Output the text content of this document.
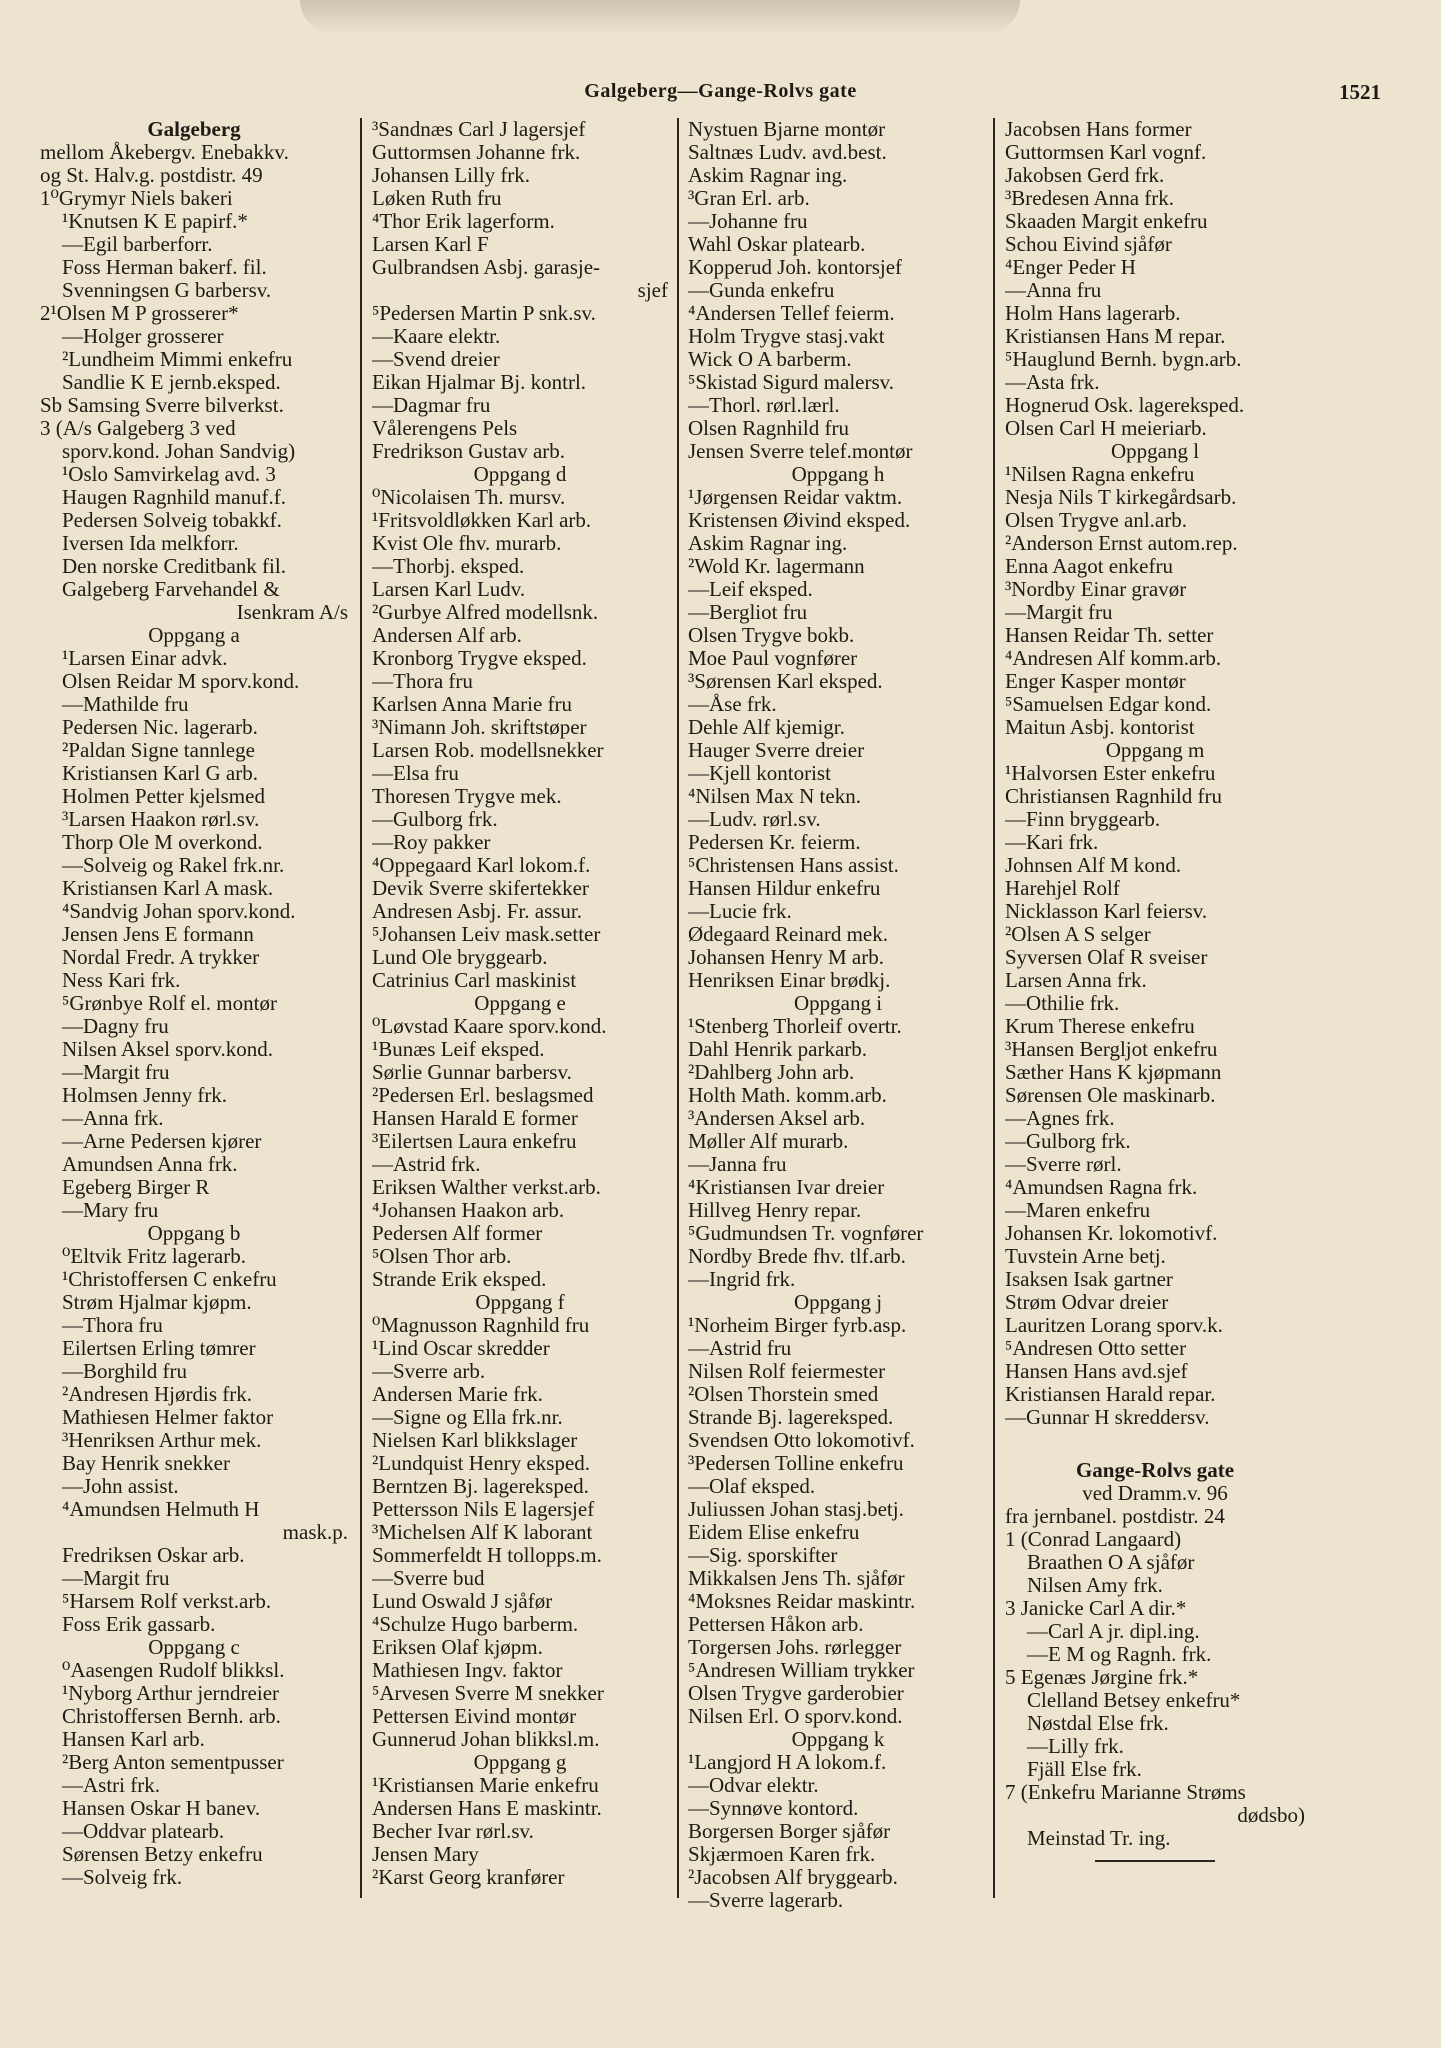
Galgeberg—Gange-Rolvs gate	1521
Galgeberg
mellom Åkebergv. Enebakkv.
og St. Halv.g. postdistr. 49
1⁰Grymyr Niels bakeri
¹Knutsen K E papirf.*
—Egil barberforr.
Foss Herman bakerf. fil.
Svenningsen G barbersv.
2¹Olsen M P grosserer*
—Holger grosserer
²Lundheim Mimmi enkefru
Sandlie K E jernb.eksped.
Sb Samsing Sverre bilverkst.
3 (A/s Galgeberg 3 ved
sporv.kond. Johan Sandvig)
¹Oslo Samvirkelag avd. 3
Haugen Ragnhild manuf.f.
Pedersen Solveig tobakkf.
Iversen Ida melkforr.
Den norske Creditbank fil.
Galgeberg Farvehandel &
Isenkram A/s
Oppgang a
¹Larsen Einar advk.
Olsen Reidar M sporv.kond.
—Mathilde fru
Pedersen Nic. lagerarb.
²Paldan Signe tannlege
Kristiansen Karl G arb.
Holmen Petter kjelsmed
³Larsen Haakon rørl.sv.
Thorp Ole M overkond.
—Solveig og Rakel frk.nr.
Kristiansen Karl A mask.
⁴Sandvig Johan sporv.kond.
Jensen Jens E formann
Nordal Fredr. A trykker
Ness Kari frk.
⁵Grønbye Rolf el. montør
—Dagny fru
Nilsen Aksel sporv.kond.
—Margit fru
Holmsen Jenny frk.
—Anna frk.
—Arne Pedersen kjører
Amundsen Anna frk.
Egeberg Birger R
—Mary fru
Oppgang b
⁰Eltvik Fritz lagerarb.
¹Christoffersen C enkefru
Strøm Hjalmar kjøpm.
—Thora fru
Eilertsen Erling tømrer
—Borghild fru
²Andresen Hjørdis frk.
Mathiesen Helmer faktor
³Henriksen Arthur mek.
Bay Henrik snekker
—John assist.
⁴Amundsen Helmuth H
mask.p.
Fredriksen Oskar arb.
—Margit fru
⁵Harsem Rolf verkst.arb.
Foss Erik gassarb.
Oppgang c
⁰Aasengen Rudolf blikksl.
¹Nyborg Arthur jerndreier
Christoffersen Bernh. arb.
Hansen Karl arb.
²Berg Anton sementpusser
—Astri frk.
Hansen Oskar H banev.
—Oddvar platearb.
Sørensen Betzy enkefru
—Solveig frk.
³Sandnæs Carl J lagersjef
Guttormsen Johanne frk.
Johansen Lilly frk.
Løken Ruth fru
⁴Thor Erik lagerform.
Larsen Karl F
Gulbrandsen Asbj. garasje-
sjef
⁵Pedersen Martin P snk.sv.
—Kaare elektr.
—Svend dreier
Eikan Hjalmar Bj. kontrl.
—Dagmar fru
Vålerengens Pels
Fredrikson Gustav arb.
Oppgang d
⁰Nicolaisen Th. mursv.
¹Fritsvoldløkken Karl arb.
Kvist Ole fhv. murarb.
—Thorbj. eksped.
Larsen Karl Ludv.
²Gurbye Alfred modellsnk.
Andersen Alf arb.
Kronborg Trygve eksped.
—Thora fru
Karlsen Anna Marie fru
³Nimann Joh. skriftstøper
Larsen Rob. modellsnekker
—Elsa fru
Thoresen Trygve mek.
—Gulborg frk.
—Roy pakker
⁴Oppegaard Karl lokom.f.
Devik Sverre skifertekker
Andresen Asbj. Fr. assur.
⁵Johansen Leiv mask.setter
Lund Ole bryggearb.
Catrinius Carl maskinist
Oppgang e
⁰Løvstad Kaare sporv.kond.
¹Bunæs Leif eksped.
Sørlie Gunnar barbersv.
²Pedersen Erl. beslagsmed
Hansen Harald E former
³Eilertsen Laura enkefru
—Astrid frk.
Eriksen Walther verkst.arb.
⁴Johansen Haakon arb.
Pedersen Alf former
⁵Olsen Thor arb.
Strande Erik eksped.
Oppgang f
⁰Magnusson Ragnhild fru
¹Lind Oscar skredder
—Sverre arb.
Andersen Marie frk.
—Signe og Ella frk.nr.
Nielsen Karl blikkslager
²Lundquist Henry eksped.
Berntzen Bj. lagereksped.
Pettersson Nils E lagersjef
³Michelsen Alf K laborant
Sommerfeldt H tollopps.m.
—Sverre bud
Lund Oswald J sjåfør
⁴Schulze Hugo barberm.
Eriksen Olaf kjøpm.
Mathiesen Ingv. faktor
⁵Arvesen Sverre M snekker
Pettersen Eivind montør
Gunnerud Johan blikksl.m.
Oppgang g
¹Kristiansen Marie enkefru
Andersen Hans E maskintr.
Becher Ivar rørl.sv.
Jensen Mary
²Karst Georg kranfører
Nystuen Bjarne montør
Saltnæs Ludv. avd.best.
Askim Ragnar ing.
³Gran Erl. arb.
—Johanne fru
Wahl Oskar platearb.
Kopperud Joh. kontorsjef
—Gunda enkefru
⁴Andersen Tellef feierm.
Holm Trygve stasj.vakt
Wick O A barberm.
⁵Skistad Sigurd malersv.
—Thorl. rørl.lærl.
Olsen Ragnhild fru
Jensen Sverre telef.montør
Oppgang h
¹Jørgensen Reidar vaktm.
Kristensen Øivind eksped.
Askim Ragnar ing.
²Wold Kr. lagermann
—Leif eksped.
—Bergliot fru
Olsen Trygve bokb.
Moe Paul vognfører
³Sørensen Karl eksped.
—Åse frk.
Dehle Alf kjemigr.
Hauger Sverre dreier
—Kjell kontorist
⁴Nilsen Max N tekn.
—Ludv. rørl.sv.
Pedersen Kr. feierm.
⁵Christensen Hans assist.
Hansen Hildur enkefru
—Lucie frk.
Ødegaard Reinard mek.
Johansen Henry M arb.
Henriksen Einar brødkj.
Oppgang i
¹Stenberg Thorleif overtr.
Dahl Henrik parkarb.
²Dahlberg John arb.
Holth Math. komm.arb.
³Andersen Aksel arb.
Møller Alf murarb.
—Janna fru
⁴Kristiansen Ivar dreier
Hillveg Henry repar.
⁵Gudmundsen Tr. vognfører
Nordby Brede fhv. tlf.arb.
—Ingrid frk.
Oppgang j
¹Norheim Birger fyrb.asp.
—Astrid fru
Nilsen Rolf feiermester
²Olsen Thorstein smed
Strande Bj. lagereksped.
Svendsen Otto lokomotivf.
³Pedersen Tolline enkefru
—Olaf eksped.
Juliussen Johan stasj.betj.
Eidem Elise enkefru
—Sig. sporskifter
Mikkalsen Jens Th. sjåfør
⁴Moksnes Reidar maskintr.
Pettersen Håkon arb.
Torgersen Johs. rørlegger
⁵Andresen William trykker
Olsen Trygve garderobier
Nilsen Erl. O sporv.kond.
Oppgang k
¹Langjord H A lokom.f.
—Odvar elektr.
—Synnøve kontord.
Borgersen Borger sjåfør
Skjærmoen Karen frk.
²Jacobsen Alf bryggearb.
—Sverre lagerarb.
Jacobsen Hans former
Guttormsen Karl vognf.
Jakobsen Gerd frk.
³Bredesen Anna frk.
Skaaden Margit enkefru
Schou Eivind sjåfør
⁴Enger Peder H
—Anna fru
Holm Hans lagerarb.
Kristiansen Hans M repar.
⁵Hauglund Bernh. bygn.arb.
—Asta frk.
Hognerud Osk. lagereksped.
Olsen Carl H meieriarb.
Oppgang l
¹Nilsen Ragna enkefru
Nesja Nils T kirkegårdsarb.
Olsen Trygve anl.arb.
²Anderson Ernst autom.rep.
Enna Aagot enkefru
³Nordby Einar gravør
—Margit fru
Hansen Reidar Th. setter
⁴Andresen Alf komm.arb.
Enger Kasper montør
⁵Samuelsen Edgar kond.
Maitun Asbj. kontorist
Oppgang m
¹Halvorsen Ester enkefru
Christiansen Ragnhild fru
—Finn bryggearb.
—Kari frk.
Johnsen Alf M kond.
Harehjel Rolf
Nicklasson Karl feiersv.
²Olsen A S selger
Syversen Olaf R sveiser
Larsen Anna frk.
—Othilie frk.
Krum Therese enkefru
³Hansen Bergljot enkefru
Sæther Hans K kjøpmann
Sørensen Ole maskinarb.
—Agnes frk.
—Gulborg frk.
—Sverre rørl.
⁴Amundsen Ragna frk.
—Maren enkefru
Johansen Kr. lokomotivf.
Tuvstein Arne betj.
Isaksen Isak gartner
Strøm Odvar dreier
Lauritzen Lorang sporv.k.
⁵Andresen Otto setter
Hansen Hans avd.sjef
Kristiansen Harald repar.
—Gunnar H skreddersv.
Gange-Rolvs gate
ved Dramm.v. 96
fra jernbanel. postdistr. 24
1 (Conrad Langaard)
Braathen O A sjåfør
Nilsen Amy frk.
3 Janicke Carl A dir.*
—Carl A jr. dipl.ing.
—E M og Ragnh. frk.
5 Egenæs Jørgine frk.*
Clelland Betsey enkefru*
Nøstdal Else frk.
—Lilly frk.
Fjäll Else frk.
7 (Enkefru Marianne Strøms
dødsbo)
Meinstad Tr. ing.
